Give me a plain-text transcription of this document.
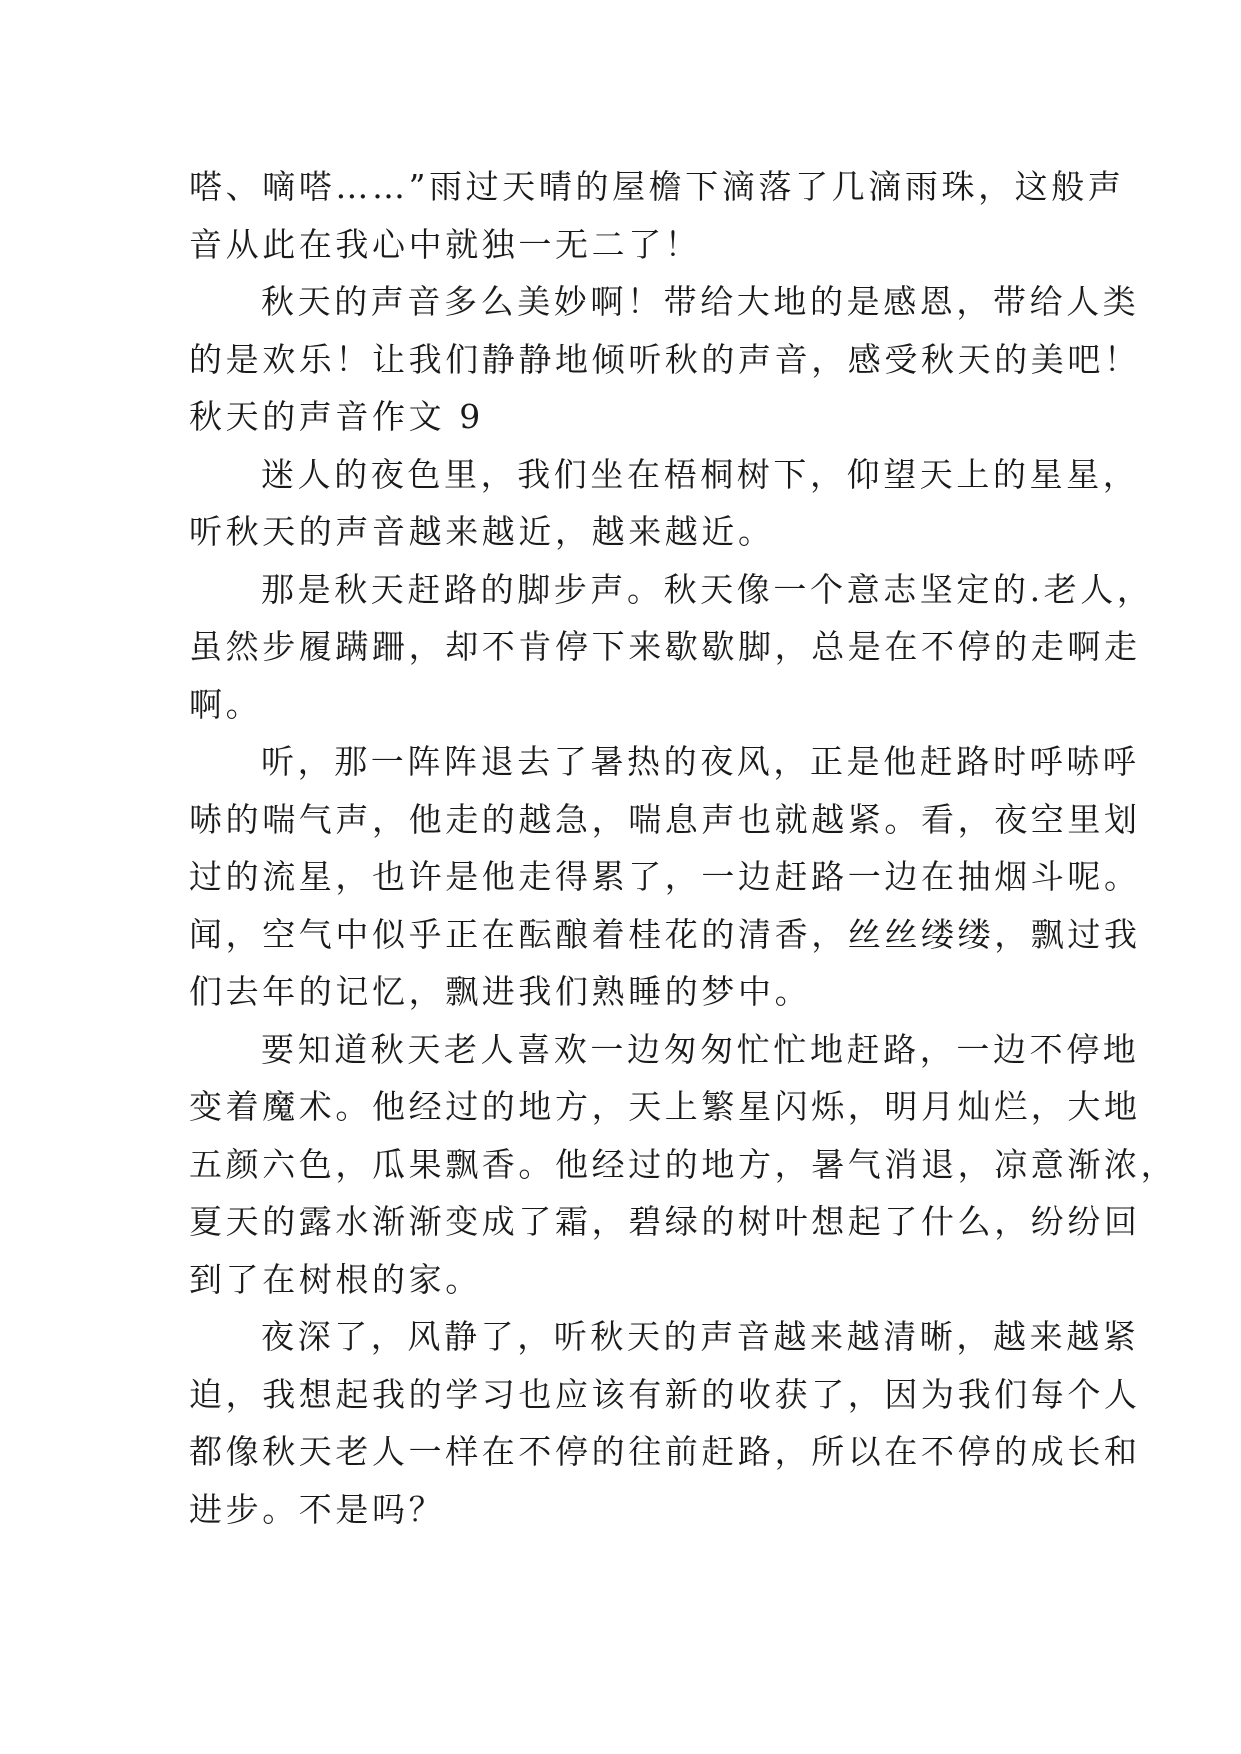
嗒、嘀嗒……”雨过天晴的屋檐下滴落了几滴雨珠，这般声
音从此在我心中就独一无二了！
秋天的声音多么美妙啊！带给大地的是感恩，带给人类
的是欢乐！让我们静静地倾听秋的声音，感受秋天的美吧！
秋天的声音作文 9
迷人的夜色里，我们坐在梧桐树下，仰望天上的星星，
听秋天的声音越来越近，越来越近。
那是秋天赶路的脚步声。秋天像一个意志坚定的.老人，
虽然步履蹒跚，却不肯停下来歇歇脚，总是在不停的走啊走
啊。
听，那一阵阵退去了暑热的夜风，正是他赶路时呼哧呼
哧的喘气声，他走的越急，喘息声也就越紧。看，夜空里划
过的流星，也许是他走得累了，一边赶路一边在抽烟斗呢。
闻，空气中似乎正在酝酿着桂花的清香，丝丝缕缕，飘过我
们去年的记忆，飘进我们熟睡的梦中。
要知道秋天老人喜欢一边匆匆忙忙地赶路，一边不停地
变着魔术。他经过的地方，天上繁星闪烁，明月灿烂，大地
五颜六色，瓜果飘香。他经过的地方，暑气消退，凉意渐浓，
夏天的露水渐渐变成了霜，碧绿的树叶想起了什么，纷纷回
到了在树根的家。
夜深了，风静了，听秋天的声音越来越清晰，越来越紧
迫，我想起我的学习也应该有新的收获了，因为我们每个人
都像秋天老人一样在不停的往前赶路，所以在不停的成长和
进步。不是吗？
